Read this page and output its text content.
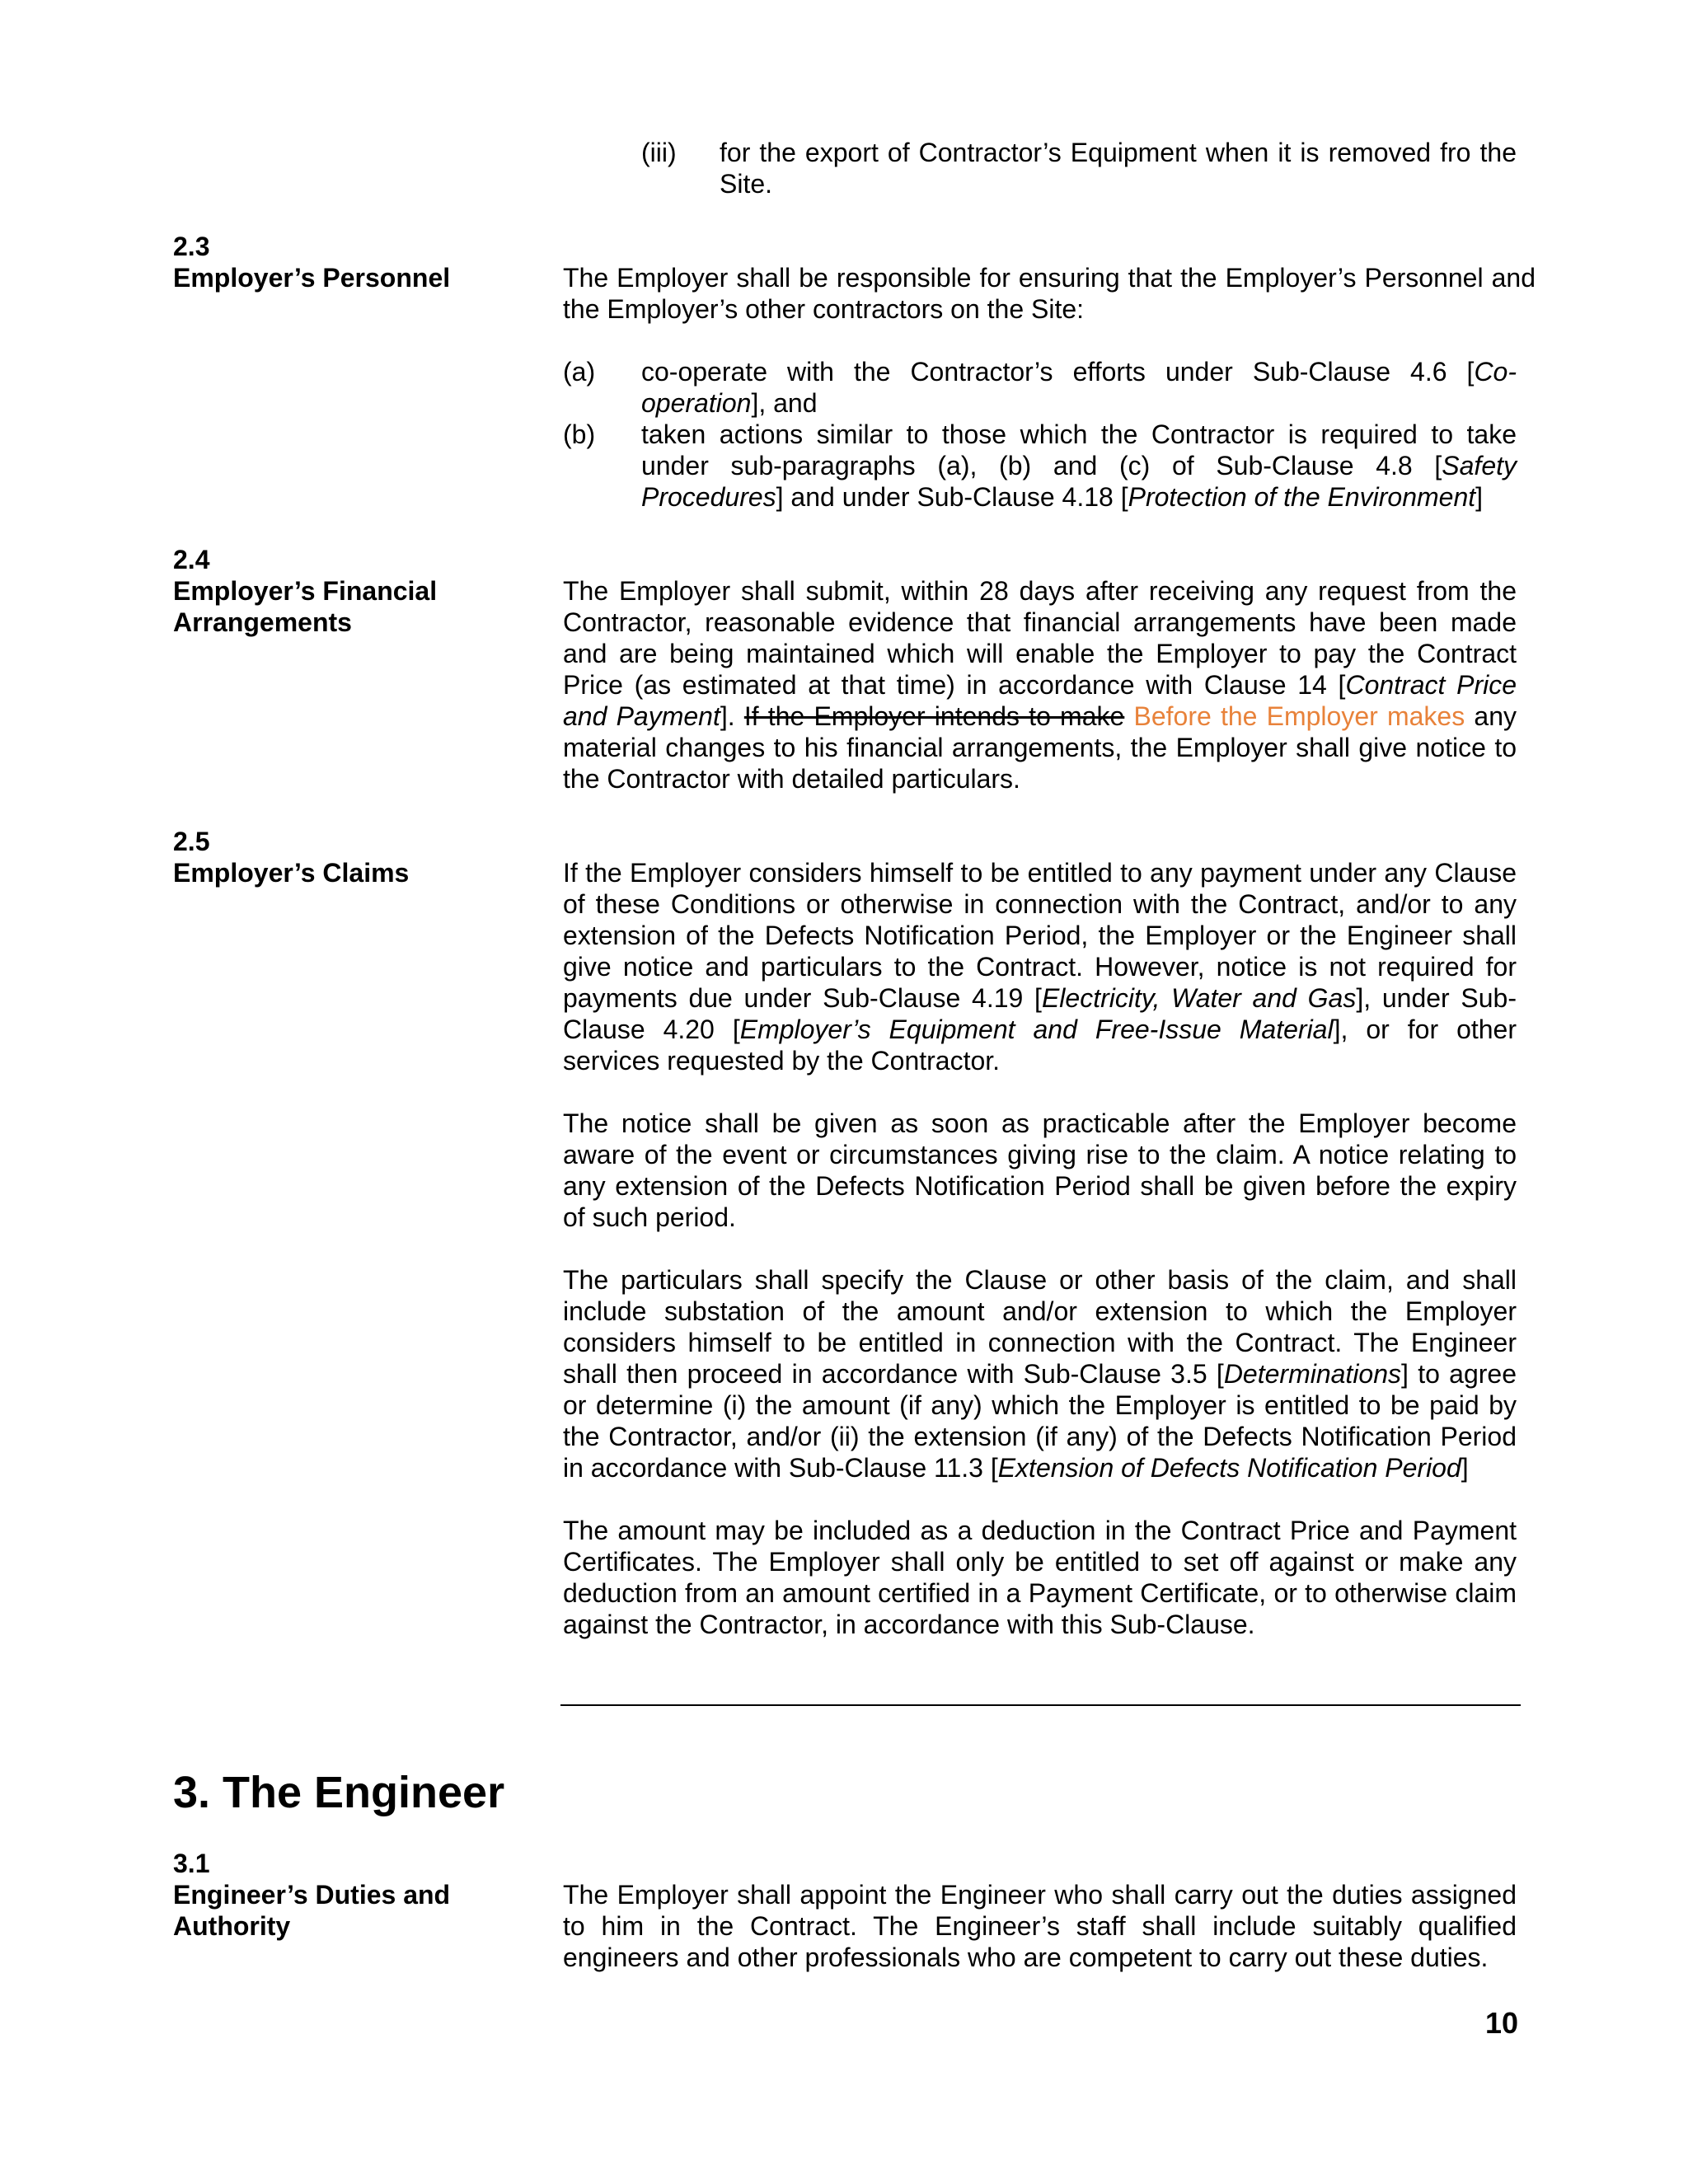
(iii) for the export of Contractor’s Equipment when it is removed fro the Site.
2.3
Employer’s Personnel	The Employer shall be responsible for ensuring that the Employer’s Personnel and the Employer’s other contractors on the Site:

(a) co-operate with the Contractor’s efforts under Sub-Clause 4.6 [Co-operation], and
(b) taken actions similar to those which the Contractor is required to take under sub-paragraphs (a), (b) and (c) of Sub-Clause 4.8 [Safety Procedures] and under Sub-Clause 4.18 [Protection of the Environment]
2.4
Employer’s Financial
Arrangements

The Employer shall submit, within 28 days after receiving any request from the Contractor, reasonable evidence that financial arrangements have been made and are being maintained which will enable the Employer to pay the Contract Price (as estimated at that time) in accordance with Clause 14 [Contract Price and Payment]. If the Employer intends to make Before the Employer makes any material changes to his financial arrangements, the Employer shall give notice to the Contractor with detailed particulars.

2.5
Employer’s Claims	If the Employer considers himself to be entitled to any payment under any Clause of these Conditions or otherwise in connection with the Contract, and/or to any extension of the Defects Notification Period, the Employer or the Engineer shall give notice and particulars to the Contract. However, notice is not required for payments due under Sub-Clause 4.19 [Electricity, Water and Gas], under Sub-Clause 4.20 [Employer’s Equipment and Free-Issue Material], or for other services requested by the Contractor.

The notice shall be given as soon as practicable after the Employer become aware of the event or circumstances giving rise to the claim. A notice relating to any extension of the Defects Notification Period shall be given before the expiry of such period.

The particulars shall specify the Clause or other basis of the claim, and shall include substation of the amount and/or extension to which the Employer considers himself to be entitled in connection with the Contract. The Engineer shall then proceed in accordance with Sub-Clause 3.5 [Determinations] to agree or determine (i) the amount (if any) which the Employer is entitled to be paid by the Contractor, and/or (ii) the extension (if any) of the Defects Notification Period in accordance with Sub-Clause 11.3 [Extension of Defects Notification Period]

The amount may be included as a deduction in the Contract Price and Payment Certificates. The Employer shall only be entitled to set off against or make any deduction from an amount certified in a Payment Certificate, or to otherwise claim against the Contractor, in accordance with this Sub-Clause.

3. The Engineer
3.1
Engineer’s Duties and
Authority

The Employer shall appoint the Engineer who shall carry out the duties assigned to him in the Contract. The Engineer’s staff shall include suitably qualified engineers and other professionals who are competent to carry out these duties.

10
